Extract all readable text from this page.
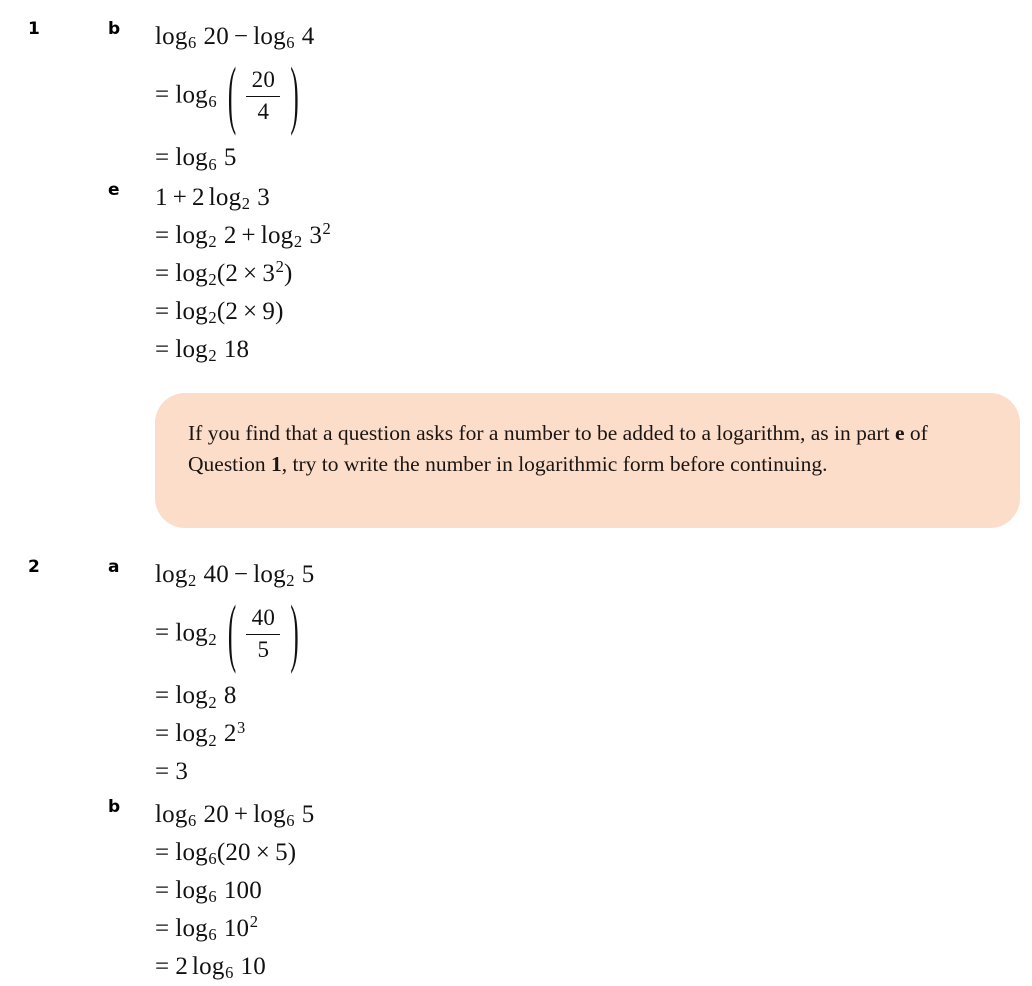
1	b $\log_6 20 - \log_6 4$
= $\log_6$ ( $\frac{20}{4}$ )
= $\log_6 5$
e 1 + 2 $\log_2 3$
= $\log_2 2 + \log_2 3^2$
= $\log_2(2 \times 3^2)$
= $\log_2(2 \times 9)$
= $\log_2 18$
If you find that a question asks for a number to be added to a logarithm, as in part e of Question 1, try to write the number in logarithmic form before continuing.
2	a $\log_2 40 - \log_2 5$
= $\log_2$ ( $\frac{40}{5}$ )
= $\log_2 8$
= $\log_2 2^3$
= 3
b $\log_6 20 + \log_6 5$
= $\log_6(20 \times 5)$
= $\log_6 100$
= $\log_6 10^2$
= 2 $\log_6 10$
